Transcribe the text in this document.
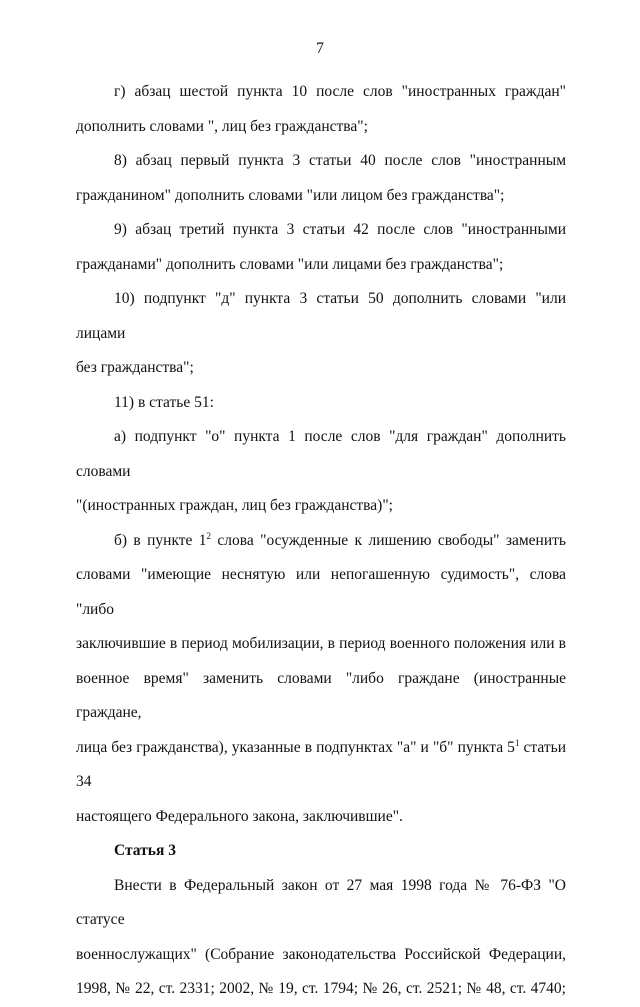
7
г) абзац шестой пункта 10 после слов "иностранных граждан"
дополнить словами ", лиц без гражданства";
8) абзац первый пункта 3 статьи 40 после слов "иностранным
гражданином" дополнить словами "или лицом без гражданства";
9) абзац третий пункта 3 статьи 42 после слов "иностранными
гражданами" дополнить словами "или лицами без гражданства";
10) подпункт "д" пункта 3 статьи 50 дополнить словами "или лицами
без гражданства";
11) в статье 51:
а) подпункт "о" пункта 1 после слов "для граждан" дополнить словами
"(иностранных граждан, лиц без гражданства)";
б) в пункте $1^2$ слова "осужденные к лишению свободы" заменить
словами "имеющие неснятую или непогашенную судимость", слова "либо
заключившие в период мобилизации, в период военного положения или в
военное время" заменить словами "либо граждане (иностранные граждане,
лица без гражданства), указанные в подпунктах "а" и "б" пункта $5^1$ статьи 34
настоящего Федерального закона, заключившие".
Статья 3
Внести в Федеральный закон от 27 мая 1998 года № 76-ФЗ "О статусе
военнослужащих" (Собрание законодательства Российской Федерации,
1998, № 22, ст. 2331; 2002, № 19, ст. 1794; № 26, ст. 2521; № 48, ст. 4740;
